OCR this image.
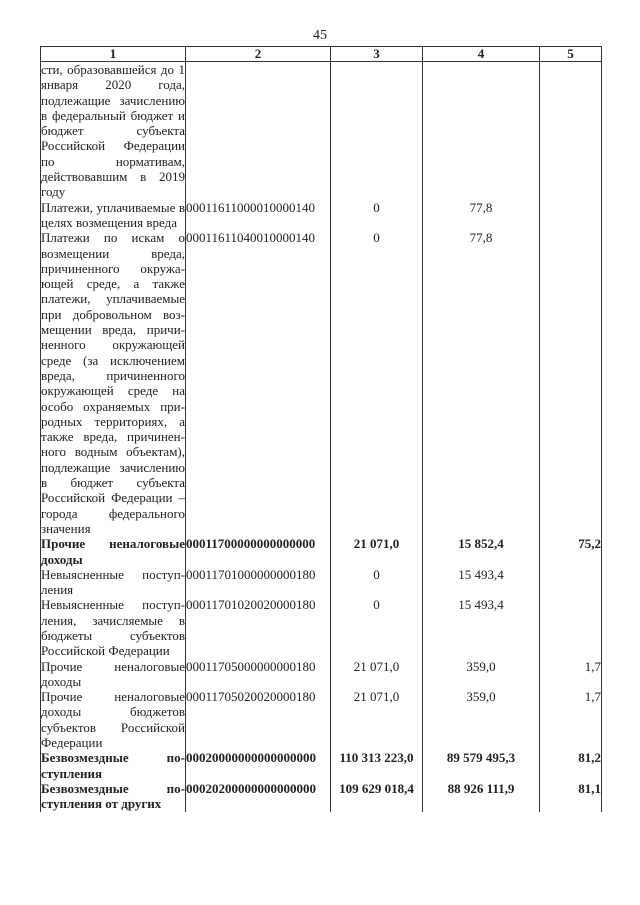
45
1	2	3	4	5
сти, образовавшейся до 1 января 2020 года, подлежащие зачислению в федеральный бюджет и бюджет субъекта Российской Федерации по нормативам, действовавшим в 2019 году				
Платежи, уплачиваемые в целях возмещения вреда	00011611000010000140	0	77,8	
Платежи по искам о возмещении вреда, причиненного окружающей среде, а также платежи, уплачиваемые при добровольном возмещении вреда, причиненного окружающей среде (за исключением вреда, причиненного окружающей среде на особо охраняемых природных территориях, а также вреда, причиненного водным объектам), подлежащие зачислению в бюджет субъекта Российской Федерации – города федерального значения	00011611040010000140	0	77,8	
Прочие неналоговые доходы	00011700000000000000	21 071,0	15 852,4	75,2
Невыясненные поступления	00011701000000000180	0	15 493,4	
Невыясненные поступления, зачисляемые в бюджеты субъектов Российской Федерации	00011701020020000180	0	15 493,4	
Прочие неналоговые доходы	00011705000000000180	21 071,0	359,0	1,7
Прочие неналоговые доходы бюджетов субъектов Российской Федерации	00011705020020000180	21 071,0	359,0	1,7
Безвозмездные поступления	00020000000000000000	110 313 223,0	89 579 495,3	81,2
Безвозмездные поступления от других	00020200000000000000	109 629 018,4	88 926 111,9	81,1
